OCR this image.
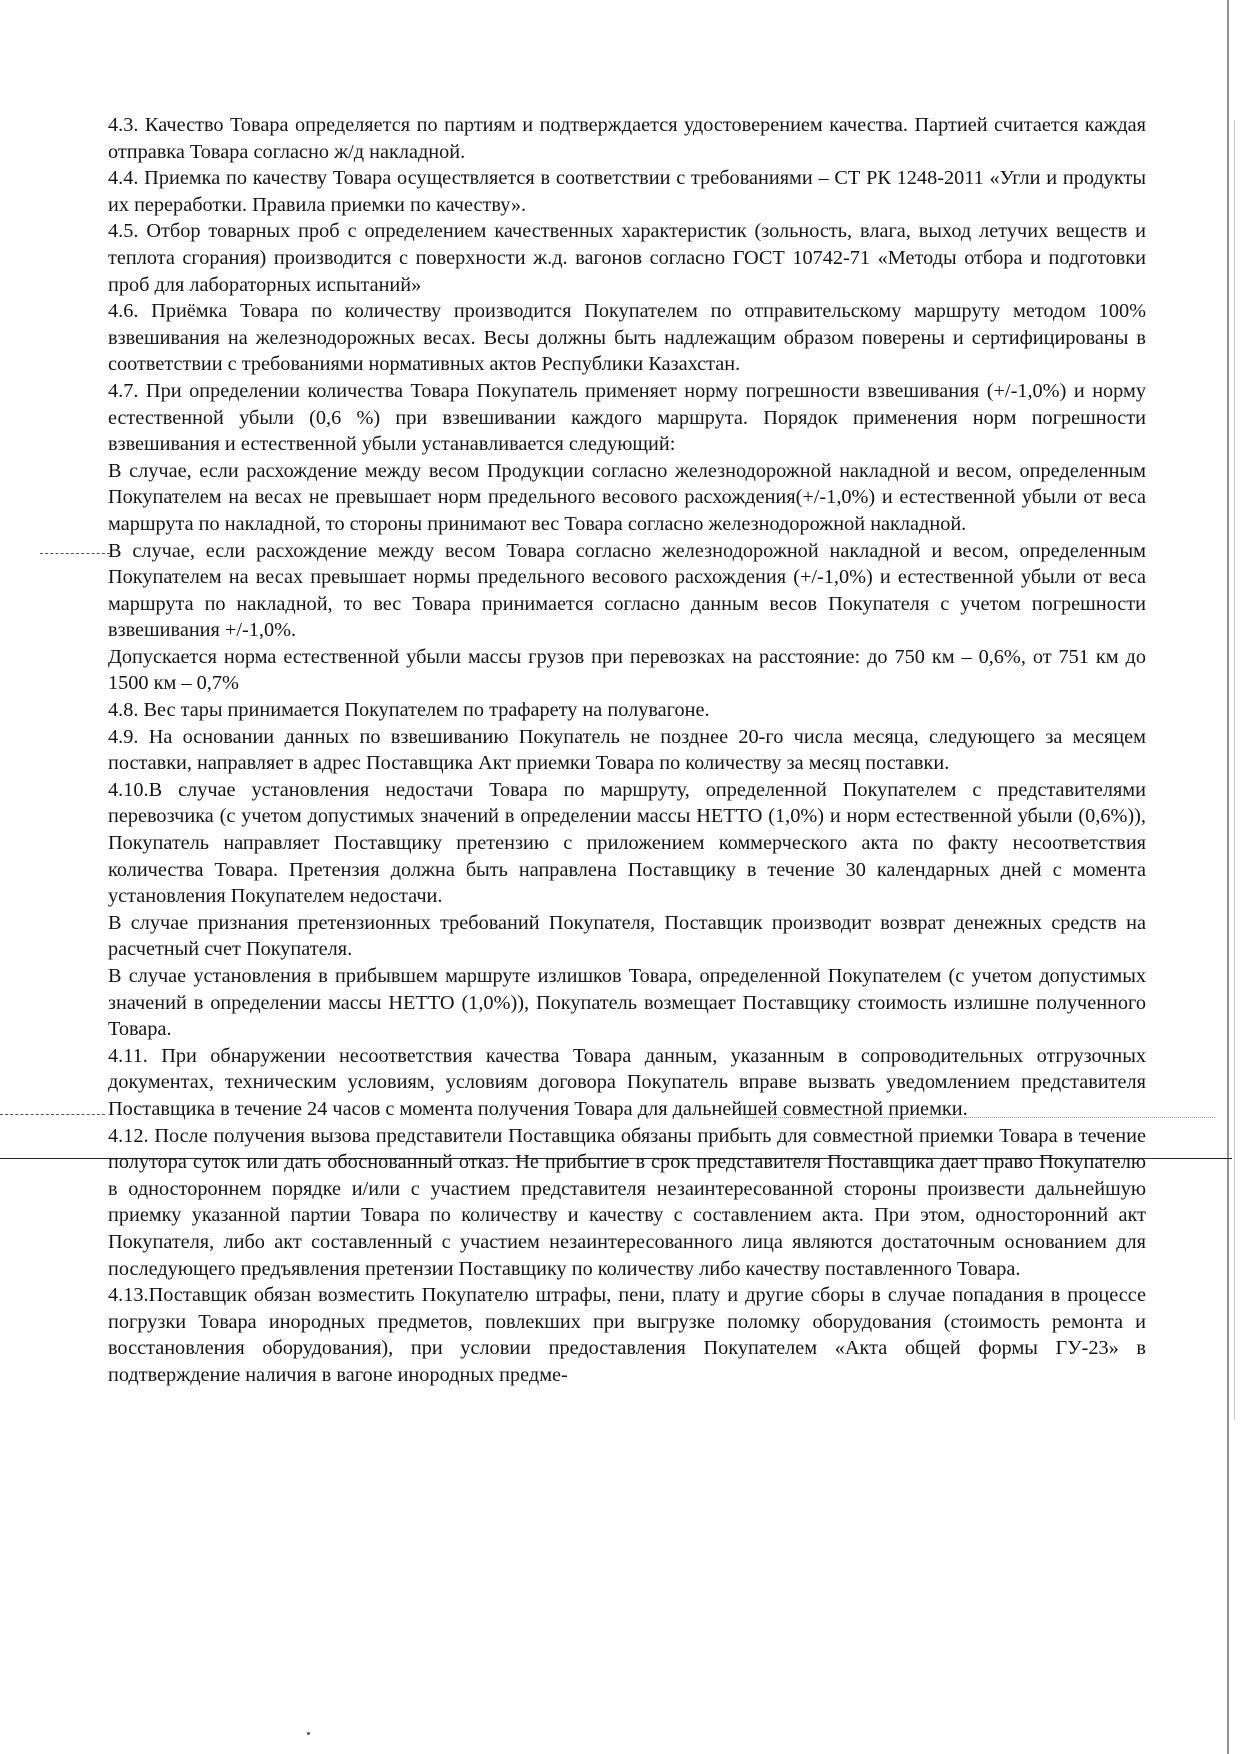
4.3. Качество Товара определяется по партиям и подтверждается удостоверением качества. Партией считается каждая отправка Товара согласно ж/д накладной.

4.4. Приемка по качеству Товара осуществляется в соответствии с требованиями – СТ РК 1248-2011 «Угли и продукты их переработки. Правила приемки по качеству».

4.5. Отбор товарных проб с определением качественных характеристик (зольность, влага, выход летучих веществ и теплота сгорания) производится с поверхности ж.д. вагонов согласно ГОСТ 10742-71 «Методы отбора и подготовки проб для лабораторных испытаний»

4.6. Приёмка Товара по количеству производится Покупателем по отправительскому маршруту методом 100% взвешивания на железнодорожных весах. Весы должны быть надлежащим образом поверены и сертифицированы в соответствии с требованиями нормативных актов Республики Казахстан.

4.7. При определении количества Товара Покупатель применяет норму погрешности взвешивания (+/-1,0%) и норму естественной убыли (0,6 %) при взвешивании каждого маршрута. Порядок применения норм погрешности взвешивания и естественной убыли устанавливается следующий:

В случае, если расхождение между весом Продукции согласно железнодорожной накладной и весом, определенным Покупателем на весах не превышает норм предельного весового расхождения(+/-1,0%) и естественной убыли от веса маршрута по накладной, то стороны принимают вес Товара согласно железнодорожной накладной.

В случае, если расхождение между весом Товара согласно железнодорожной накладной и весом, определенным Покупателем на весах превышает нормы предельного весового расхождения (+/-1,0%) и естественной убыли от веса маршрута по накладной, то вес Товара принимается согласно данным весов Покупателя с учетом погрешности взвешивания +/-1,0%.

Допускается норма естественной убыли массы грузов при перевозках на расстояние: до 750 км – 0,6%, от 751 км до 1500 км – 0,7%

4.8. Вес тары принимается Покупателем по трафарету на полувагоне.

4.9. На основании данных по взвешиванию Покупатель не позднее 20-го числа месяца, следующего за месяцем поставки, направляет в адрес Поставщика Акт приемки Товара по количеству за месяц поставки.

4.10.В случае установления недостачи Товара по маршруту, определенной Покупателем с представителями перевозчика (с учетом допустимых значений в определении массы НЕТТО (1,0%) и норм естественной убыли (0,6%)), Покупатель направляет Поставщику претензию с приложением коммерческого акта по факту несоответствия количества Товара. Претензия должна быть направлена Поставщику в течение 30 календарных дней с момента установления Покупателем недостачи.

В случае признания претензионных требований Покупателя, Поставщик производит возврат денежных средств на расчетный счет Покупателя.

В случае установления в прибывшем маршруте излишков Товара, определенной Покупателем (с учетом допустимых значений в определении массы НЕТТО (1,0%)), Покупатель возмещает Поставщику стоимость излишне полученного Товара.

4.11. При обнаружении несоответствия качества Товара данным, указанным в сопроводительных отгрузочных документах, техническим условиям, условиям договора Покупатель вправе вызвать уведомлением представителя Поставщика в течение 24 часов с момента получения Товара для дальнейшей совместной приемки.

4.12. После получения вызова представители Поставщика обязаны прибыть для совместной приемки Товара в течение полутора суток или дать обоснованный отказ. Не прибытие в срок представителя Поставщика дает право Покупателю в одностороннем порядке и/или с участием представителя незаинтересованной стороны произвести дальнейшую приемку указанной партии Товара по количеству и качеству с составлением акта. При этом, односторонний акт Покупателя, либо акт составленный с участием незаинтересованного лица являются достаточным основанием для последующего предъявления претензии Поставщику по количеству либо качеству поставленного Товара.

4.13.Поставщик обязан возместить Покупателю штрафы, пени, плату и другие сборы в случае попадания в процессе погрузки Товара инородных предметов, повлекших при выгрузке поломку оборудования (стоимость ремонта и восстановления оборудования), при условии предоставления Покупателем «Акта общей формы ГУ-23» в подтверждение наличия в вагоне инородных предме-
